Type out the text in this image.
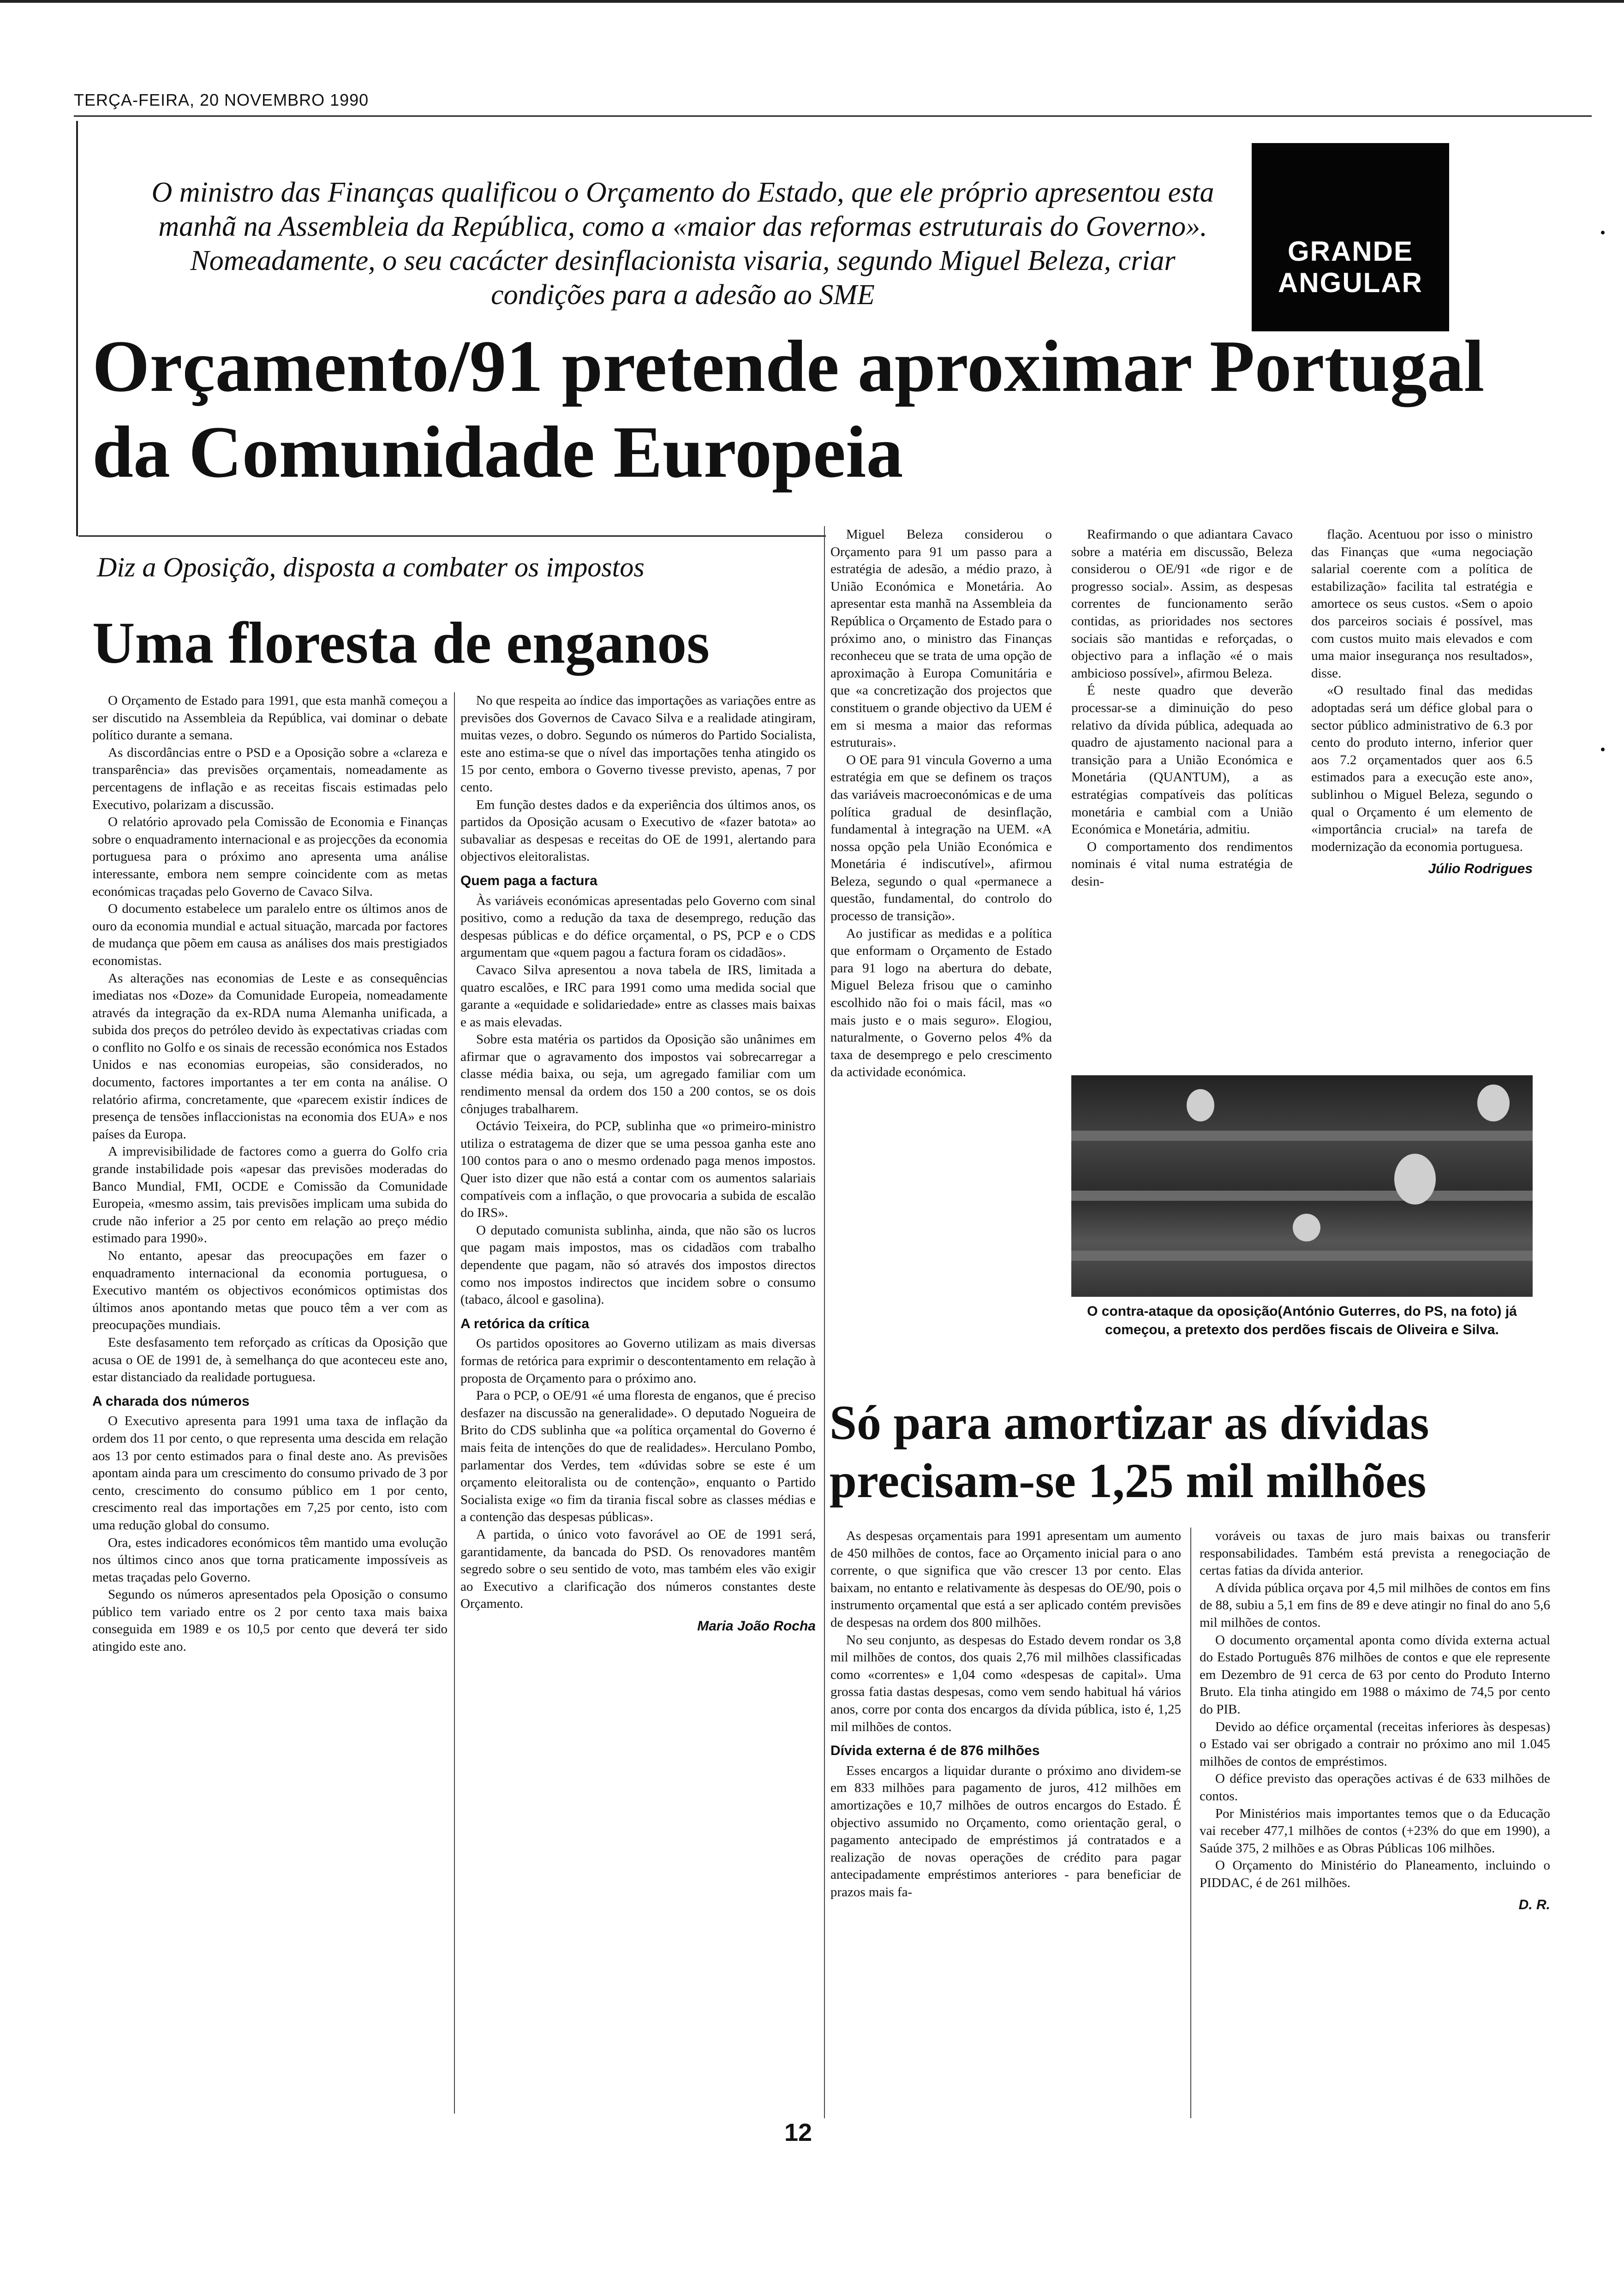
TERÇA-FEIRA, 20 NOVEMBRO 1990
O ministro das Finanças qualificou o Orçamento do Estado, que ele próprio apresentou esta manhã na Assembleia da República, como a «maior das reformas estruturais do Governo». Nomeadamente, o seu cacácter desinflacionista visaria, segundo Miguel Beleza, criar condições para a adesão ao SME
GRANDE
ANGULAR
Orçamento/91 pretende aproximar Portugal da Comunidade Europeia
Diz a Oposição, disposta a combater os impostos
Uma floresta de enganos

O Orçamento de Estado para 1991, que esta manhã começou a ser discutido na Assembleia da República, vai dominar o debate político durante a semana.

As discordâncias entre o PSD e a Oposição sobre a «clareza e transparência» das previsões orçamentais, nomeadamente as percentagens de inflação e as receitas fiscais estimadas pelo Executivo, polarizam a discussão.

O relatório aprovado pela Comissão de Economia e Finanças sobre o enquadramento internacional e as projecções da economia portuguesa para o próximo ano apresenta uma análise interessante, embora nem sempre coincidente com as metas económicas traçadas pelo Governo de Cavaco Silva.

O documento estabelece um paralelo entre os últimos anos de ouro da economia mundial e actual situação, marcada por factores de mudança que põem em causa as análises dos mais prestigiados economistas.

As alterações nas economias de Leste e as consequências imediatas nos «Doze» da Comunidade Europeia, nomeadamente através da integração da ex-RDA numa Alemanha unificada, a subida dos preços do petróleo devido às expectativas criadas com o conflito no Golfo e os sinais de recessão económica nos Estados Unidos e nas economias europeias, são considerados, no documento, factores importantes a ter em conta na análise. O relatório afirma, concretamente, que «parecem existir índices de presença de tensões inflaccionistas na economia dos EUA» e nos países da Europa.

A imprevisibilidade de factores como a guerra do Golfo cria grande instabilidade pois «apesar das previsões moderadas do Banco Mundial, FMI, OCDE e Comissão da Comunidade Europeia, «mesmo assim, tais previsões implicam uma subida do crude não inferior a 25 por cento em relação ao preço médio estimado para 1990».

No entanto, apesar das preocupações em fazer o enquadramento internacional da economia portuguesa, o Executivo mantém os objectivos económicos optimistas dos últimos anos apontando metas que pouco têm a ver com as preocupações mundiais.

Este desfasamento tem reforçado as críticas da Oposição que acusa o OE de 1991 de, à semelhança do que aconteceu este ano, estar distanciado da realidade portuguesa.

A charada dos números

O Executivo apresenta para 1991 uma taxa de inflação da ordem dos 11 por cento, o que representa uma descida em relação aos 13 por cento estimados para o final deste ano. As previsões apontam ainda para um crescimento do consumo privado de 3 por cento, crescimento do consumo público em 1 por cento, crescimento real das importações em 7,25 por cento, isto com uma redução global do consumo.

Ora, estes indicadores económicos têm mantido uma evolução nos últimos cinco anos que torna praticamente impossíveis as metas traçadas pelo Governo.

Segundo os números apresentados pela Oposição o consumo público tem variado entre os 2 por cento taxa mais baixa conseguida em 1989 e os 10,5 por cento que deverá ter sido atingido este ano.

No que respeita ao índice das importações as variações entre as previsões dos Governos de Cavaco Silva e a realidade atingiram, muitas vezes, o dobro. Segundo os números do Partido Socialista, este ano estima-se que o nível das importações tenha atingido os 15 por cento, embora o Governo tivesse previsto, apenas, 7 por cento.

Em função destes dados e da experiência dos últimos anos, os partidos da Oposição acusam o Executivo de «fazer batota» ao subavaliar as despesas e receitas do OE de 1991, alertando para objectivos eleitoralistas.

Quem paga a factura

Às variáveis económicas apresentadas pelo Governo com sinal positivo, como a redução da taxa de desemprego, redução das despesas públicas e do défice orçamental, o PS, PCP e o CDS argumentam que «quem pagou a factura foram os cidadãos».

Cavaco Silva apresentou a nova tabela de IRS, limitada a quatro escalões, e IRC para 1991 como uma medida social que garante a «equidade e solidariedade» entre as classes mais baixas e as mais elevadas.

Sobre esta matéria os partidos da Oposição são unânimes em afirmar que o agravamento dos impostos vai sobrecarregar a classe média baixa, ou seja, um agregado familiar com um rendimento mensal da ordem dos 150 a 200 contos, se os dois cônjuges trabalharem.

Octávio Teixeira, do PCP, sublinha que «o primeiro-ministro utiliza o estratagema de dizer que se uma pessoa ganha este ano 100 contos para o ano o mesmo ordenado paga menos impostos. Quer isto dizer que não está a contar com os aumentos salariais compatíveis com a inflação, o que provocaria a subida de escalão do IRS».

O deputado comunista sublinha, ainda, que não são os lucros que pagam mais impostos, mas os cidadãos com trabalho dependente que pagam, não só através dos impostos directos como nos impostos indirectos que incidem sobre o consumo (tabaco, álcool e gasolina).

A retórica da crítica

Os partidos opositores ao Governo utilizam as mais diversas formas de retórica para exprimir o descontentamento em relação à proposta de Orçamento para o próximo ano.

Para o PCP, o OE/91 «é uma floresta de enganos, que é preciso desfazer na discussão na generalidade». O deputado Nogueira de Brito do CDS sublinha que «a política orçamental do Governo é mais feita de intenções do que de realidades». Herculano Pombo, parlamentar dos Verdes, tem «dúvidas sobre se este é um orçamento eleitoralista ou de contenção», enquanto o Partido Socialista exige «o fim da tirania fiscal sobre as classes médias e a contenção das despesas públicas».

A partida, o único voto favorável ao OE de 1991 será, garantidamente, da bancada do PSD. Os renovadores mantêm segredo sobre o seu sentido de voto, mas também eles vão exigir ao Executivo a clarificação dos números constantes deste Orçamento.

Maria João Rocha

Miguel Beleza considerou o Orçamento para 91 um passo para a estratégia de adesão, a médio prazo, à União Económica e Monetária. Ao apresentar esta manhã na Assembleia da República o Orçamento de Estado para o próximo ano, o ministro das Finanças reconheceu que se trata de uma opção de aproximação à Europa Comunitária e que «a concretização dos projectos que constituem o grande objectivo da UEM é em si mesma a maior das reformas estruturais».

O OE para 91 vincula Governo a uma estratégia em que se definem os traços das variáveis macroeconómicas e de uma política gradual de desinflação, fundamental à integração na UEM. «A nossa opção pela União Económica e Monetária é indiscutível», afirmou Beleza, segundo o qual «permanece a questão, fundamental, do controlo do processo de transição».

Ao justificar as medidas e a política que enformam o Orçamento de Estado para 91 logo na abertura do debate, Miguel Beleza frisou que o caminho escolhido não foi o mais fácil, mas «o mais justo e o mais seguro». Elogiou, naturalmente, o Governo pelos 4% da taxa de desemprego e pelo crescimento da actividade económica.

Reafirmando o que adiantara Cavaco sobre a matéria em discussão, Beleza considerou o OE/91 «de rigor e de progresso social». Assim, as despesas correntes de funcionamento serão contidas, as prioridades nos sectores sociais são mantidas e reforçadas, o objectivo para a inflação «é o mais ambicioso possível», afirmou Beleza.

É neste quadro que deverão processar-se a diminuição do peso relativo da dívida pública, adequada ao quadro de ajustamento nacional para a transição para a União Económica e Monetária (QUANTUM), a as estratégias compatíveis das políticas monetária e cambial com a União Económica e Monetária, admitiu.

O comportamento dos rendimentos nominais é vital numa estratégia de desin-

flação. Acentuou por isso o ministro das Finanças que «uma negociação salarial coerente com a política de estabilização» facilita tal estratégia e amortece os seus custos. «Sem o apoio dos parceiros sociais é possível, mas com custos muito mais elevados e com uma maior insegurança nos resultados», disse.

«O resultado final das medidas adoptadas será um défice global para o sector público administrativo de 6.3 por cento do produto interno, inferior quer aos 7.2 orçamentados quer aos 6.5 estimados para a execução este ano», sublinhou o Miguel Beleza, segundo o qual o Orçamento é um elemento de «importância crucial» na tarefa de modernização da economia portuguesa.

Júlio Rodrigues
O contra-ataque da oposição(António Guterres, do PS, na foto) já começou, a pretexto dos perdões fiscais de Oliveira e Silva.
Só para amortizar as dívidas precisam-se 1,25 mil milhões

As despesas orçamentais para 1991 apresentam um aumento de 450 milhões de contos, face ao Orçamento inicial para o ano corrente, o que significa que vão crescer 13 por cento. Elas baixam, no entanto e relativamente às despesas do OE/90, pois o instrumento orçamental que está a ser aplicado contém previsões de despesas na ordem dos 800 milhões.

No seu conjunto, as despesas do Estado devem rondar os 3,8 mil milhões de contos, dos quais 2,76 mil milhões classificadas como «correntes» e 1,04 como «despesas de capital». Uma grossa fatia dastas despesas, como vem sendo habitual há vários anos, corre por conta dos encargos da dívida pública, isto é, 1,25 mil milhões de contos.

Dívida externa é de 876 milhões

Esses encargos a liquidar durante o próximo ano dividem-se em 833 milhões para pagamento de juros, 412 milhões em amortizações e 10,7 milhões de outros encargos do Estado. É objectivo assumido no Orçamento, como orientação geral, o pagamento antecipado de empréstimos já contratados e a realização de novas operações de crédito para pagar antecipadamente empréstimos anteriores - para beneficiar de prazos mais fa-

voráveis ou taxas de juro mais baixas ou transferir responsabilidades. Também está prevista a renegociação de certas fatias da dívida anterior.

A dívida pública orçava por 4,5 mil milhões de contos em fins de 88, subiu a 5,1 em fins de 89 e deve atingir no final do ano 5,6 mil milhões de contos.

O documento orçamental aponta como dívida externa actual do Estado Português 876 milhões de contos e que ele represente em Dezembro de 91 cerca de 63 por cento do Produto Interno Bruto. Ela tinha atingido em 1988 o máximo de 74,5 por cento do PIB.

Devido ao défice orçamental (receitas inferiores às despesas) o Estado vai ser obrigado a contrair no próximo ano mil 1.045 milhões de contos de empréstimos.

O défice previsto das operações activas é de 633 milhões de contos.

Por Ministérios mais importantes temos que o da Educação vai receber 477,1 milhões de contos (+23% do que em 1990), a Saúde 375, 2 milhões e as Obras Públicas 106 milhões.

O Orçamento do Ministério do Planeamento, incluindo o PIDDAC, é de 261 milhões.

D. R.
12
